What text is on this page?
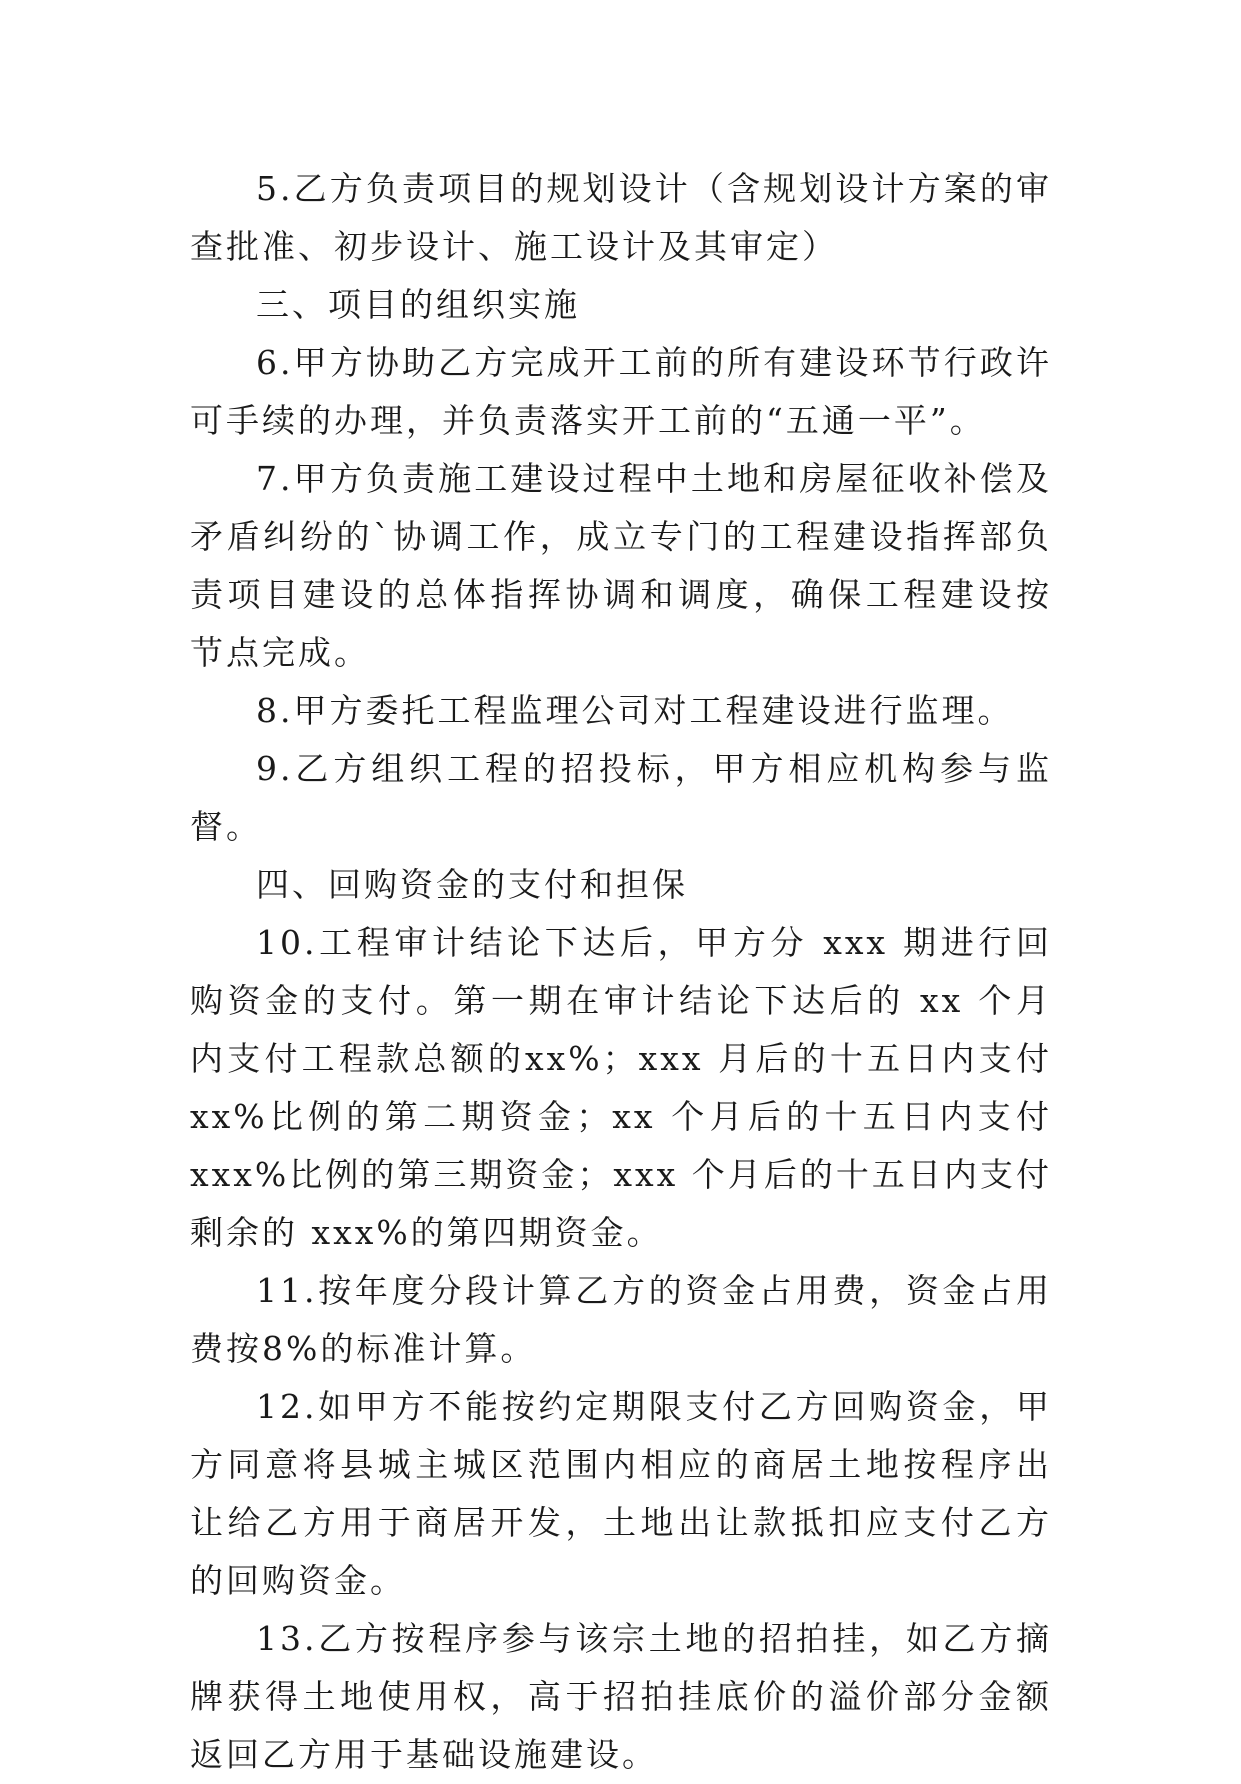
5.乙方负责项目的规划设计（含规划设计方案的审查批准、初步设计、施工设计及其审定）

三、项目的组织实施

6.甲方协助乙方完成开工前的所有建设环节行政许可手续的办理，并负责落实开工前的“五通一平”。

7.甲方负责施工建设过程中土地和房屋征收补偿及矛盾纠纷的`协调工作，成立专门的工程建设指挥部负责项目建设的总体指挥协调和调度，确保工程建设按节点完成。

8.甲方委托工程监理公司对工程建设进行监理。

9.乙方组织工程的招投标，甲方相应机构参与监督。

四、回购资金的支付和担保

10.工程审计结论下达后，甲方分 xxx 期进行回购资金的支付。第一期在审计结论下达后的 xx 个月内支付工程款总额的xx%；xxx 月后的十五日内支付 xx%比例的第二期资金；xx 个月后的十五日内支付 xxx%比例的第三期资金；xxx 个月后的十五日内支付剩余的 xxx%的第四期资金。

11.按年度分段计算乙方的资金占用费，资金占用费按8%的标准计算。

12.如甲方不能按约定期限支付乙方回购资金，甲方同意将县城主城区范围内相应的商居土地按程序出让给乙方用于商居开发，土地出让款抵扣应支付乙方的回购资金。

13.乙方按程序参与该宗土地的招拍挂，如乙方摘牌获得土地使用权，高于招拍挂底价的溢价部分金额返回乙方用于基础设施建设。
